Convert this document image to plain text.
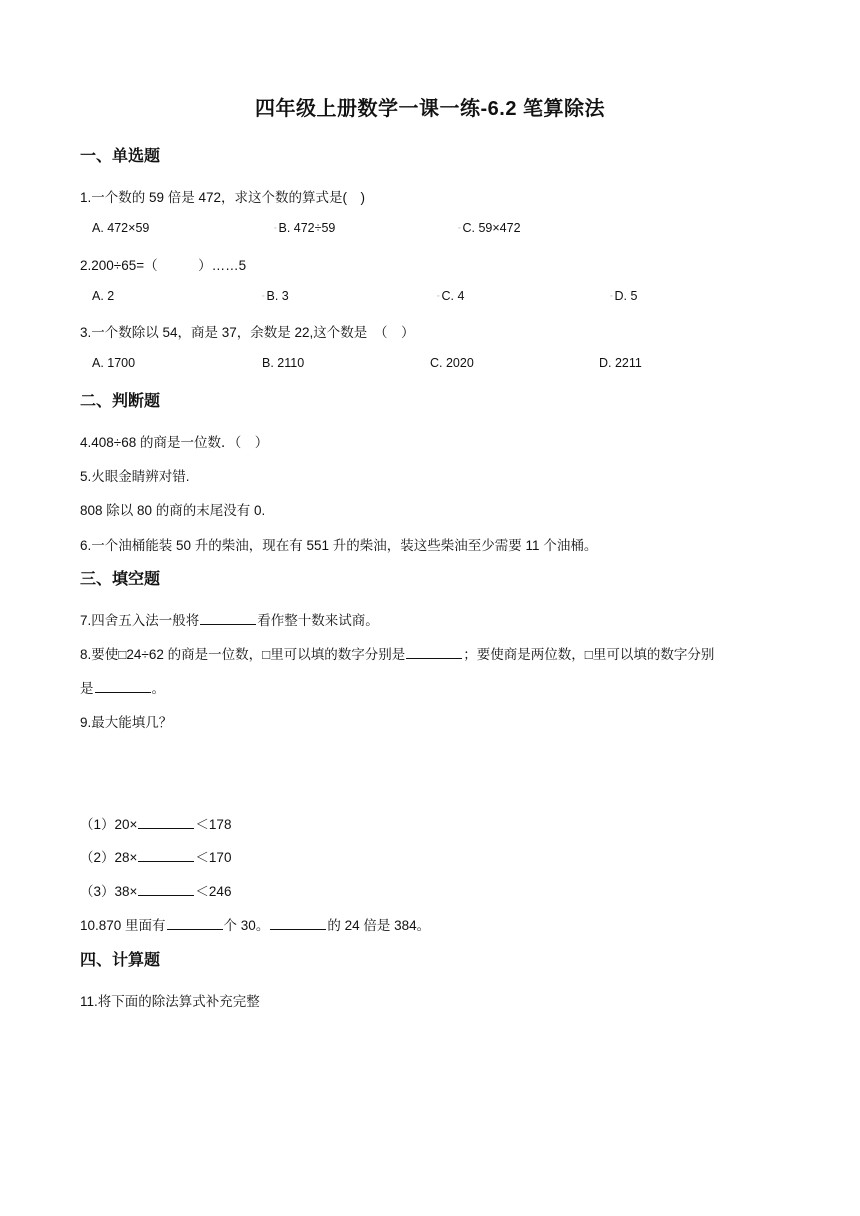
四年级上册数学一课一练-6.2 笔算除法
一、单选题
1.一个数的 59 倍是 472，求这个数的算式是(　)
A. 472×59	◦ B. 472÷59	◦ C. 59×472
2.200÷65=（　　　）……5
A. 2	◦ B. 3	◦ C. 4	◦ D. 5
3.一个数除以 54，商是 37，余数是 22,这个数是　（　）
A. 1700	B. 2110	C. 2020	D. 2211
二、判断题
4.408÷68 的商是一位数．（　）
5.火眼金睛辨对错.
808 除以 80 的商的末尾没有 0.
6.一个油桶能装 50 升的柴油，现在有 551 升的柴油，装这些柴油至少需要 11 个油桶。
三、填空题
7.四舍五入法一般将	看作整十数来试商。
8.要使□24÷62 的商是一位数，□里可以填的数字分别是	；要使商是两位数，□里可以填的数字分别
是	。
9.最大能填几？
（1）20×	＜178
（2）28×	＜170
（3）38×	＜246
10.870 里面有	个 30。	的 24 倍是 384。
四、计算题
11.将下面的除法算式补充完整
